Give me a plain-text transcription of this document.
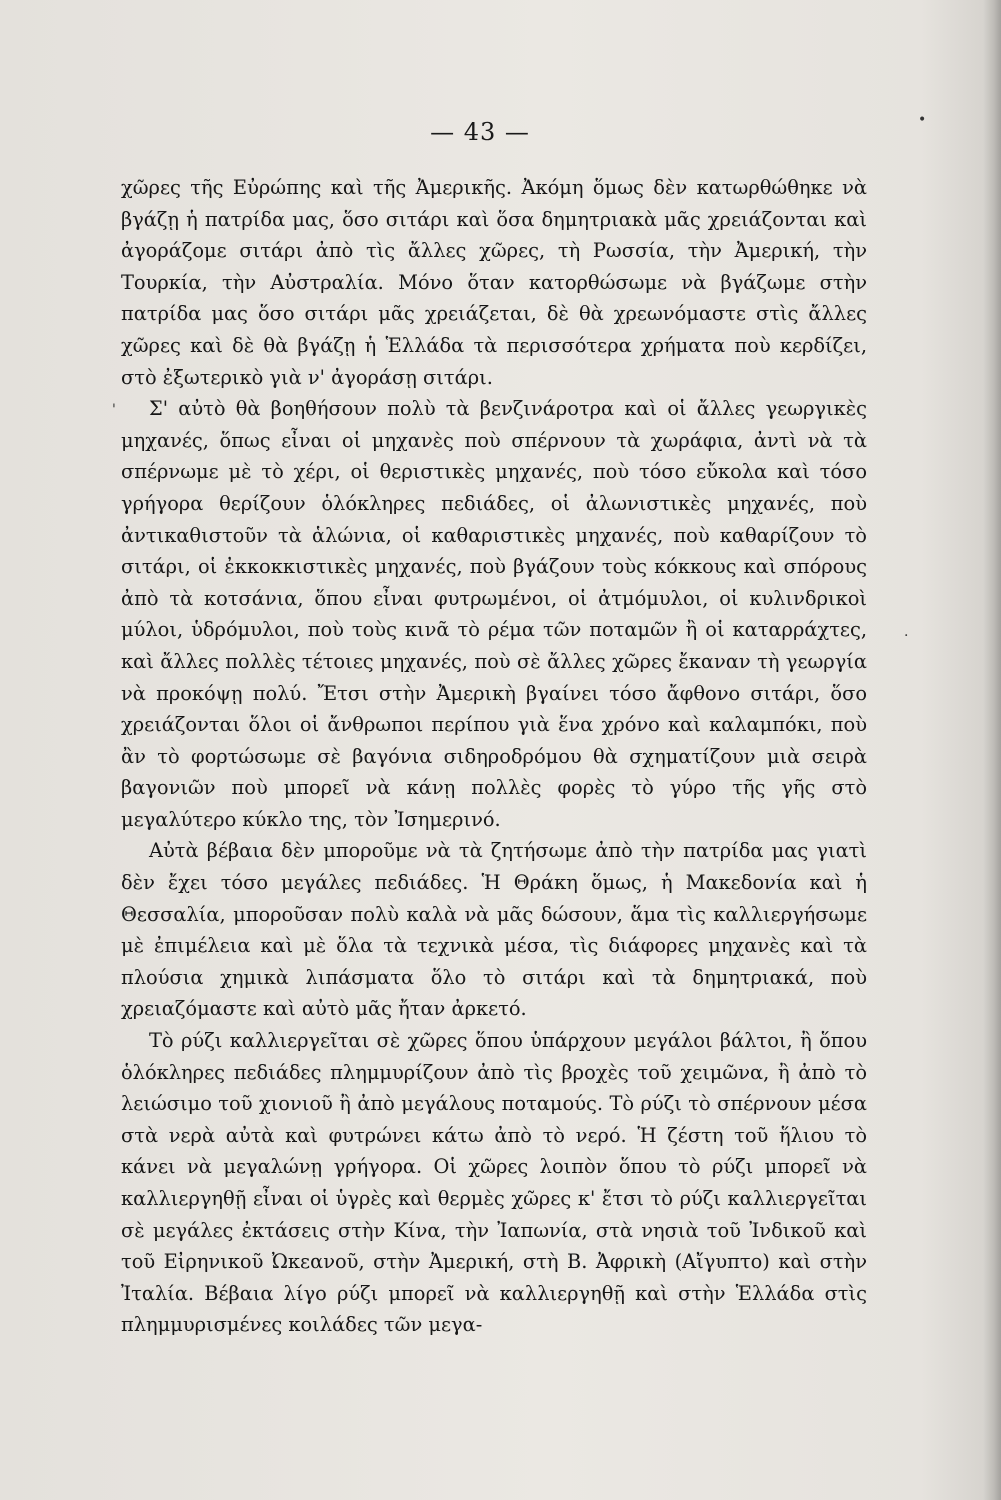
— 43 —

χῶρες τῆς Εὐρώπης καὶ τῆς Ἀμερικῆς. Ἀκόμη ὅμως δὲν κατωρθώθηκε νὰ βγάζῃ ἡ πατρίδα μας, ὅσο σιτάρι καὶ ὅσα δημητριακὰ μᾶς χρειάζονται καὶ ἀγοράζομε σιτάρι ἀπὸ τὶς ἄλλες χῶρες, τὴ Ρωσσία, τὴν Ἀμερική, τὴν Τουρκία, τὴν Αὐστραλία. Μόνο ὅταν κατορθώσωμε νὰ βγάζωμε στὴν πατρίδα μας ὅσο σιτάρι μᾶς χρειάζεται, δὲ θὰ χρεωνόμαστε στὶς ἄλλες χῶρες καὶ δὲ θὰ βγάζῃ ἡ Ἑλλάδα τὰ περισσότερα χρήματα ποὺ κερδίζει, στὸ ἐξωτερικὸ γιὰ ν' ἀγοράσῃ σιτάρι.

Σ' αὐτὸ θὰ βοηθήσουν πολὺ τὰ βενζινάροτρα καὶ οἱ ἄλλες γεωργικὲς μηχανές, ὅπως εἶναι οἱ μηχανὲς ποὺ σπέρνουν τὰ χωράφια, ἀντὶ νὰ τὰ σπέρνωμε μὲ τὸ χέρι, οἱ θεριστικὲς μηχανές, ποὺ τόσο εὔκολα καὶ τόσο γρήγορα θερίζουν ὁλόκληρες πεδιάδες, οἱ ἀλωνιστικὲς μηχανές, ποὺ ἀντικαθιστοῦν τὰ ἁλώνια, οἱ καθαριστικὲς μηχανές, ποὺ καθαρίζουν τὸ σιτάρι, οἱ ἐκκοκκιστικὲς μηχανές, ποὺ βγάζουν τοὺς κόκκους καὶ σπόρους ἀπὸ τὰ κοτσάνια, ὅπου εἶναι φυτρωμένοι, οἱ ἀτμόμυλοι, οἱ κυλινδρικοὶ μύλοι, ὑδρόμυλοι, ποὺ τοὺς κινᾶ τὸ ρέμα τῶν ποταμῶν ἢ οἱ καταρράχτες, καὶ ἄλλες πολλὲς τέτοιες μηχανές, ποὺ σὲ ἄλλες χῶρες ἔκαναν τὴ γεωργία νὰ προκόψῃ πολύ. Ἔτσι στὴν Ἀμερικὴ βγαίνει τόσο ἄφθονο σιτάρι, ὅσο χρειάζονται ὅλοι οἱ ἄνθρωποι περίπου γιὰ ἕνα χρόνο καὶ καλαμπόκι, ποὺ ἂν τὸ φορτώσωμε σὲ βαγόνια σιδηροδρόμου θὰ σχηματίζουν μιὰ σειρὰ βαγονιῶν ποὺ μπορεῖ νὰ κάνῃ πολλὲς φορὲς τὸ γύρο τῆς γῆς στὸ μεγαλύτερο κύκλο της, τὸν Ἰσημερινό.

Αὐτὰ βέβαια δὲν μποροῦμε νὰ τὰ ζητήσωμε ἀπὸ τὴν πατρίδα μας γιατὶ δὲν ἔχει τόσο μεγάλες πεδιάδες. Ἡ Θράκη ὅμως, ἡ Μακεδονία καὶ ἡ Θεσσαλία, μποροῦσαν πολὺ καλὰ νὰ μᾶς δώσουν, ἅμα τὶς καλλιεργήσωμε μὲ ἐπιμέλεια καὶ μὲ ὅλα τὰ τεχνικὰ μέσα, τὶς διάφορες μηχανὲς καὶ τὰ πλούσια χημικὰ λιπάσματα ὅλο τὸ σιτάρι καὶ τὰ δημητριακά, ποὺ χρειαζόμαστε καὶ αὐτὸ μᾶς ἤταν ἀρκετό.

Τὸ ρύζι καλλιεργεῖται σὲ χῶρες ὅπου ὑπάρχουν μεγάλοι βάλτοι, ἢ ὅπου ὁλόκληρες πεδιάδες πλημμυρίζουν ἀπὸ τὶς βροχὲς τοῦ χειμῶνα, ἢ ἀπὸ τὸ λειώσιμο τοῦ χιονιοῦ ἢ ἀπὸ μεγάλους ποταμούς. Τὸ ρύζι τὸ σπέρνουν μέσα στὰ νερὰ αὐτὰ καὶ φυτρώνει κάτω ἀπὸ τὸ νερό. Ἡ ζέστη τοῦ ἥλιου τὸ κάνει νὰ μεγαλώνῃ γρήγορα. Οἱ χῶρες λοιπὸν ὅπου τὸ ρύζι μπορεῖ νὰ καλλιεργηθῇ εἶναι οἱ ὑγρὲς καὶ θερμὲς χῶρες κ' ἔτσι τὸ ρύζι καλλιεργεῖται σὲ μεγάλες ἐκτάσεις στὴν Κίνα, τὴν Ἰαπωνία, στὰ νησιὰ τοῦ Ἰνδικοῦ καὶ τοῦ Εἰρηνικοῦ Ὠκεανοῦ, στὴν Ἀμερική, στὴ Β. Ἀφρικὴ (Αἴγυπτο) καὶ στὴν Ἰταλία. Βέβαια λίγο ρύζι μπορεῖ νὰ καλλιεργηθῇ καὶ στὴν Ἑλλάδα στὶς πλημμυρισμένες κοιλάδες τῶν μεγα-

'
·
•
